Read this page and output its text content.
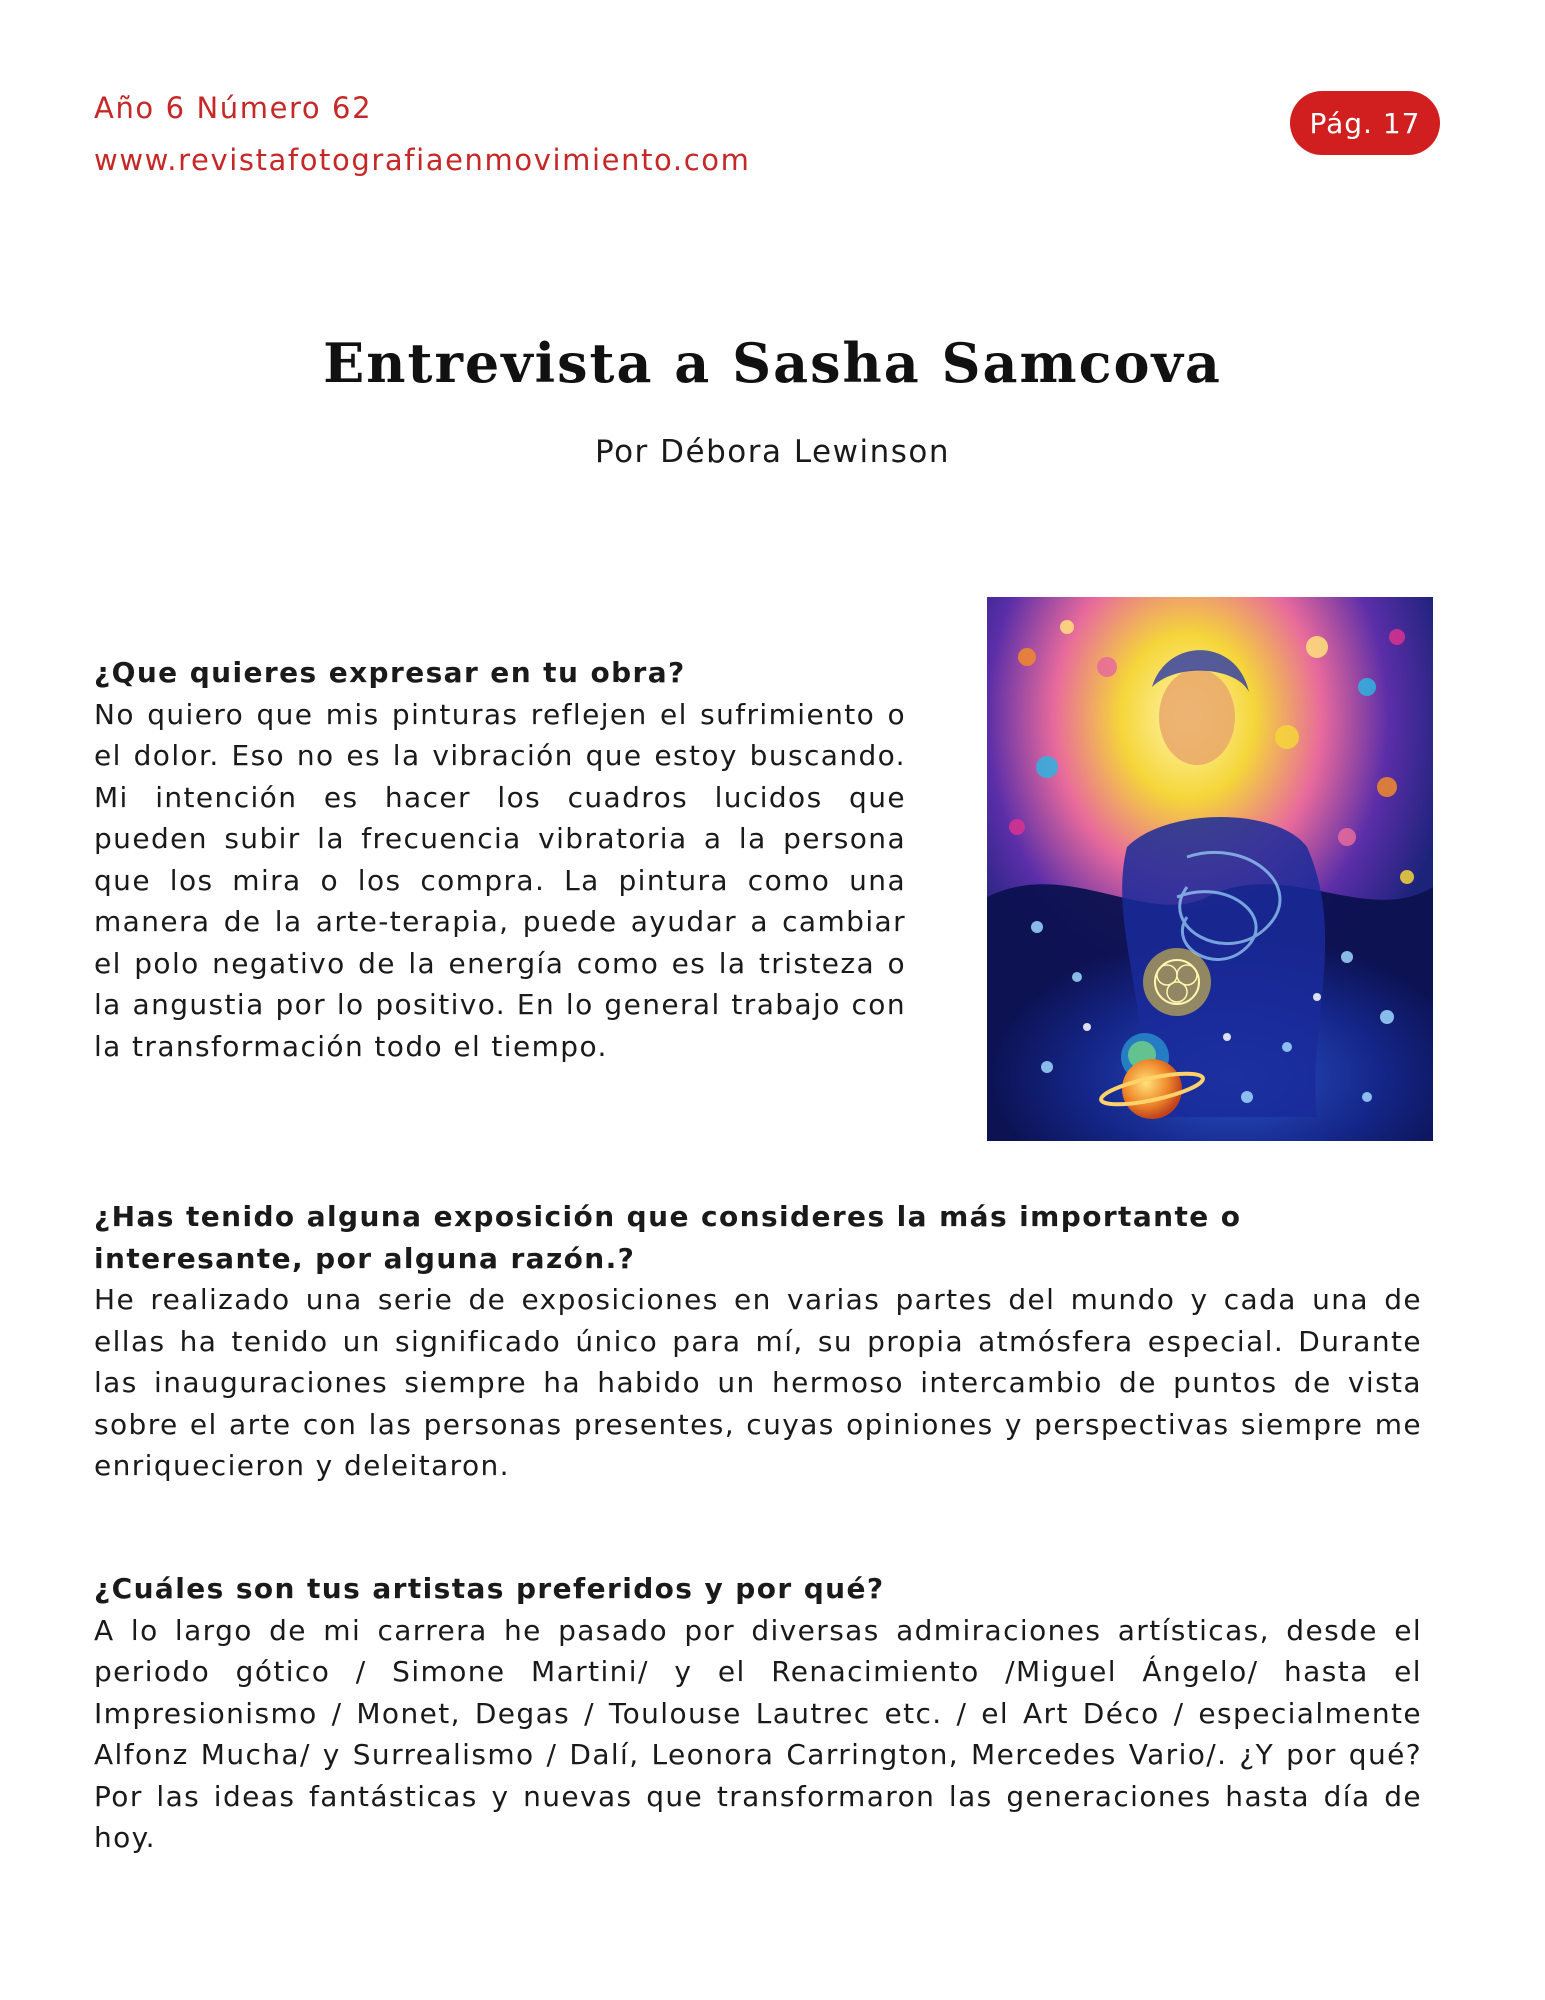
Año 6 Número 62
www.revistafotografiaenmovimiento.com
Pág. 17
Entrevista a Sasha Samcova
Por Débora Lewinson
¿Que quieres expresar en tu obra?
No quiero que mis pinturas reflejen el sufrimiento o el dolor. Eso no es la vibración que estoy buscando. Mi intención es hacer los cuadros lucidos que pueden subir la frecuencia vibratoria a la persona que los mira o los compra. La pintura como una manera de la arte-terapia, puede ayudar a cambiar el polo negativo de la energía como es la tristeza o la angustia por lo positivo. En lo general trabajo con la transformación todo el tiempo.
¿Has tenido alguna exposición que consideres la más importante o interesante, por alguna razón.?
He realizado una serie de exposiciones en varias partes del mundo y cada una de ellas ha tenido un significado único para mí, su propia atmósfera especial. Durante las inauguraciones siempre ha habido un hermoso intercambio de puntos de vista sobre el arte con las personas presentes, cuyas opiniones y perspectivas siempre me enriquecieron y deleitaron.
¿Cuáles son tus artistas preferidos y por qué?
A lo largo de mi carrera he pasado por diversas admiraciones artísticas, desde el periodo gótico / Simone Martini/ y el Renacimiento /Miguel Ángelo/ hasta el Impresionismo / Monet, Degas / Toulouse Lautrec etc. / el Art Déco / especialmente Alfonz Mucha/ y Surrealismo / Dalí, Leonora Carrington, Mercedes Vario/. ¿Y por qué? Por las ideas fantásticas y nuevas que transformaron las generaciones hasta día de hoy.
